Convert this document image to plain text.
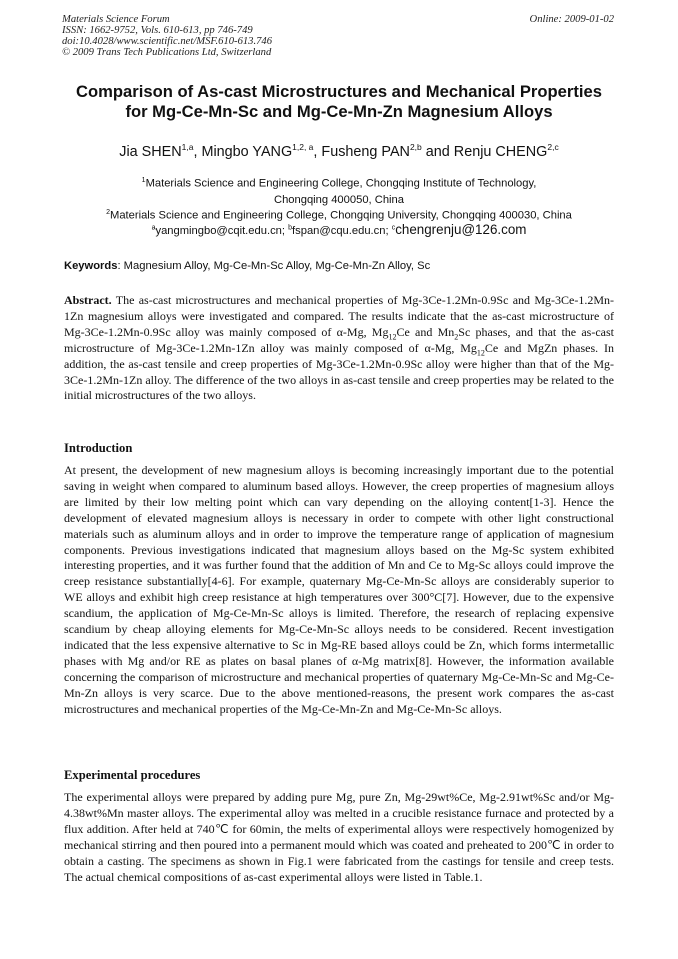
Materials Science Forum
ISSN: 1662-9752, Vols. 610-613, pp 746-749
doi:10.4028/www.scientific.net/MSF.610-613.746
© 2009 Trans Tech Publications Ltd, Switzerland
Online: 2009-01-02
Comparison of As-cast Microstructures and Mechanical Properties
for Mg-Ce-Mn-Sc and Mg-Ce-Mn-Zn Magnesium Alloys
Jia SHEN$^{1,a}$, Mingbo YANG$^{1,2, a}$, Fusheng PAN$^{2,b}$ and Renju CHENG$^{2,c}$
$^1$Materials Science and Engineering College, Chongqing Institute of Technology,
Chongqing 400050, China
$^2$Materials Science and Engineering College, Chongqing University, Chongqing 400030, China
$^a$yangmingbo@cqit.edu.cn; $^b$fspan@cqu.edu.cn; $^c$chengrenju@126.com
Keywords: Magnesium Alloy, Mg-Ce-Mn-Sc Alloy, Mg-Ce-Mn-Zn Alloy, Sc
Abstract. The as-cast microstructures and mechanical properties of Mg-3Ce-1.2Mn-0.9Sc and Mg-3Ce-1.2Mn-1Zn magnesium alloys were investigated and compared. The results indicate that the as-cast microstructure of Mg-3Ce-1.2Mn-0.9Sc alloy was mainly composed of α-Mg, $Mg_{12}Ce$ and $Mn_2Sc$ phases, and that the as-cast microstructure of Mg-3Ce-1.2Mn-1Zn alloy was mainly composed of α-Mg, $Mg_{12}Ce$ and MgZn phases. In addition, the as-cast tensile and creep properties of Mg-3Ce-1.2Mn-0.9Sc alloy were higher than that of the Mg-3Ce-1.2Mn-1Zn alloy. The difference of the two alloys in as-cast tensile and creep properties may be related to the initial microstructures of the two alloys.
Introduction
At present, the development of new magnesium alloys is becoming increasingly important due to the potential saving in weight when compared to aluminum based alloys. However, the creep properties of magnesium alloys are limited by their low melting point which can vary depending on the alloying content[1-3]. Hence the development of elevated magnesium alloys is necessary in order to compete with other light constructional materials such as aluminum alloys and in order to improve the temperature range of application of magnesium components. Previous investigations indicated that magnesium alloys based on the Mg-Sc system exhibited interesting properties, and it was further found that the addition of Mn and Ce to Mg-Sc alloys could improve the creep resistance substantially[4-6]. For example, quaternary Mg-Ce-Mn-Sc alloys are considerably superior to WE alloys and exhibit high creep resistance at high temperatures over 300°C[7]. However, due to the expensive scandium, the application of Mg-Ce-Mn-Sc alloys is limited. Therefore, the research of replacing expensive scandium by cheap alloying elements for Mg-Ce-Mn-Sc alloys needs to be considered. Recent investigation indicated that the less expensive alternative to Sc in Mg-RE based alloys could be Zn, which forms intermetallic phases with Mg and/or RE as plates on basal planes of α-Mg matrix[8]. However, the information available concerning the comparison of microstructure and mechanical properties of quaternary Mg-Ce-Mn-Sc and Mg-Ce-Mn-Zn alloys is very scarce. Due to the above mentioned-reasons, the present work compares the as-cast microstructures and mechanical properties of the Mg-Ce-Mn-Zn and Mg-Ce-Mn-Sc alloys.
Experimental procedures
The experimental alloys were prepared by adding pure Mg, pure Zn, Mg-29wt%Ce, Mg-2.91wt%Sc and/or Mg-4.38wt%Mn master alloys. The experimental alloy was melted in a crucible resistance furnace and protected by a flux addition. After held at 740℃ for 60min, the melts of experimental alloys were respectively homogenized by mechanical stirring and then poured into a permanent mould which was coated and preheated to 200℃ in order to obtain a casting. The specimens as shown in Fig.1 were fabricated from the castings for tensile and creep tests. The actual chemical compositions of as-cast experimental alloys were listed in Table.1.
